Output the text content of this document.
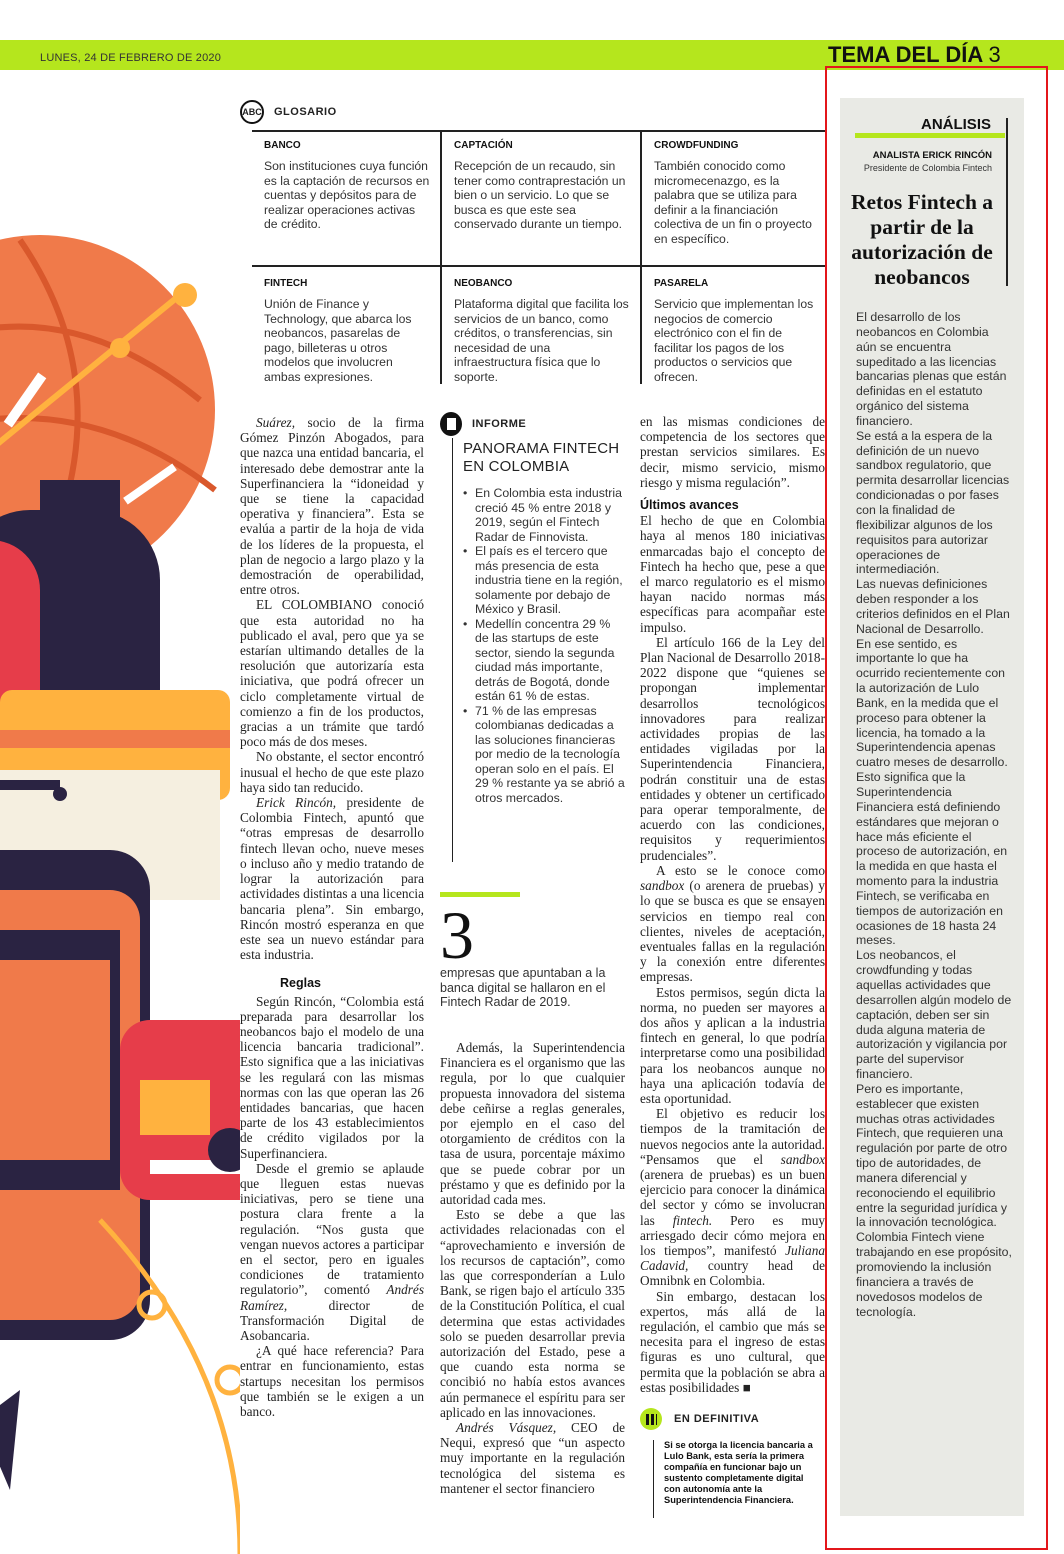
LUNES, 24 DE FEBRERO DE 2020	TEMA DEL DÍA 3
ABC GLOSARIO
BANCO

Son instituciones cuya función es la captación de recursos en cuentas y depósitos para de realizar operaciones activas de crédito.

CAPTACIÓN

Recepción de un recaudo, sin tener como contraprestación un bien o un servicio. Lo que se busca es que este sea conservado durante un tiempo.

CROWDFUNDING

También conocido como micromecenazgo, es la palabra que se utiliza para definir a la financiación colectiva de un fin o proyecto en específico.

FINTECH

Unión de Finance y Technology, que abarca los neobancos, pasarelas de pago, billeteras u otros modelos que involucren ambas expresiones.

NEOBANCO

Plataforma digital que facilita los servicios de un banco, como créditos, o transferencias, sin necesidad de una infraestructura física que lo soporte.

PASARELA

Servicio que implementan los negocios de comercio electrónico con el fin de facilitar los pagos de los productos o servicios que ofrecen.

Suárez, socio de la firma Gómez Pinzón Abogados, para que nazca una entidad bancaria, el interesado debe demostrar ante la Superfinanciera la “idoneidad y que se tiene la capacidad operativa y financiera”. Esta se evalúa a partir de la hoja de vida de los líderes de la propuesta, el plan de negocio a largo plazo y la demostración de operabilidad, entre otros.

EL COLOMBIANO conoció que esta autoridad no ha publicado el aval, pero que ya se estarían ultimando detalles de la resolución que autorizaría esta iniciativa, que podrá ofrecer un ciclo completamente virtual de comienzo a fin de los productos, gracias a un trámite que tardó poco más de dos meses.

No obstante, el sector encontró inusual el hecho de que este plazo haya sido tan reducido.

Erick Rincón, presidente de Colombia Fintech, apuntó que “otras empresas de desarrollo fintech llevan ocho, nueve meses o incluso año y medio tratando de lograr la autorización para actividades distintas a una licencia bancaria plena”. Sin embargo, Rincón mostró esperanza en que este sea un nuevo estándar para esta industria.

Reglas

Según Rincón, “Colombia está preparada para desarrollar los neobancos bajo el modelo de una licencia bancaria tradicional”. Esto significa que a las iniciativas se les regulará con las mismas normas con las que operan las 26 entidades bancarias, que hacen parte de los 43 establecimientos de crédito vigilados por la Superfinanciera.

Desde el gremio se aplaude que lleguen estas nuevas iniciativas, pero se tiene una postura clara frente a la regulación. “Nos gusta que vengan nuevos actores a participar en el sector, pero en iguales condiciones de tratamiento regulatorio”, comentó Andrés Ramírez, director de Transformación Digital de Asobancaria.

¿A qué hace referencia? Para entrar en funcionamiento, estas startups necesitan los permisos que también se le exigen a un banco.

INFORME
PANORAMA FINTECH EN COLOMBIA
• En Colombia esta industria creció 45 % entre 2018 y 2019, según el Fintech Radar de Finnovista.
• El país es el tercero que más presencia de esta industria tiene en la región, solamente por debajo de México y Brasil.
• Medellín concentra 29 % de las startups de este sector, siendo la segunda ciudad más importante, detrás de Bogotá, donde están 61 % de estas.
• 71 % de las empresas colombianas dedicadas a las soluciones financieras por medio de la tecnología operan solo en el país. El 29 % restante ya se abrió a otros mercados.
3
empresas que apuntaban a la banca digital se hallaron en el Fintech Radar de 2019.

Además, la Superintendencia Financiera es el organismo que las regula, por lo que cualquier propuesta innovadora del sistema debe ceñirse a reglas generales, por ejemplo en el caso del otorgamiento de créditos con la tasa de usura, porcentaje máximo que se puede cobrar por un préstamo y que es definido por la autoridad cada mes.

Esto se debe a que las actividades relacionadas con el “aprovechamiento e inversión de los recursos de captación”, como las que corresponderían a Lulo Bank, se rigen bajo el artículo 335 de la Constitución Política, el cual determina que estas actividades solo se pueden desarrollar previa autorización del Estado, pese a que cuando esta norma se concibió no había estos avances aún permanece el espíritu para ser aplicado en las innovaciones.

Andrés Vásquez, CEO de Nequi, expresó que “un aspecto muy importante en la regulación tecnológica del sistema es mantener el sector financiero

en las mismas condiciones de competencia de los sectores que prestan servicios similares. Es decir, mismo servicio, mismo riesgo y misma regulación”.

Últimos avances

El hecho de que en Colombia haya al menos 180 iniciativas enmarcadas bajo el concepto de Fintech ha hecho que, pese a que el marco regulatorio es el mismo hayan nacido normas más específicas para acompañar este impulso.

El artículo 166 de la Ley del Plan Nacional de Desarrollo 2018-2022 dispone que “quienes se propongan implementar desarrollos tecnológicos innovadores para realizar actividades propias de las entidades vigiladas por la Superintendencia Financiera, podrán constituir una de estas entidades y obtener un certificado para operar temporalmente, de acuerdo con las condiciones, requisitos y requerimientos prudenciales”.

A esto se le conoce como sandbox (o arenera de pruebas) y lo que se busca es que se ensayen servicios en tiempo real con clientes, niveles de aceptación, eventuales fallas en la regulación y la conexión entre diferentes empresas.

Estos permisos, según dicta la norma, no pueden ser mayores a dos años y aplican a la industria fintech en general, lo que podría interpretarse como una posibilidad para los neobancos aunque no haya una aplicación todavía de esta oportunidad.

El objetivo es reducir los tiempos de la tramitación de nuevos negocios ante la autoridad. “Pensamos que el sandbox (arenera de pruebas) es un buen ejercicio para conocer la dinámica del sector y cómo se involucran las fintech. Pero es muy arriesgado decir cómo mejora en los tiempos”, manifestó Juliana Cadavid, country head de Omnibnk en Colombia.

Sin embargo, destacan los expertos, más allá de la regulación, el cambio que más se necesita para el ingreso de estas figuras es uno cultural, que permita que la población se abra a estas posibilidades ■

EN DEFINITIVA
Si se otorga la licencia bancaria a Lulo Bank, esta sería la primera compañía en funcionar bajo un sustento completamente digital con autonomía ante la Superintendencia Financiera.
ANÁLISIS
ANALISTA ERICK RINCÓN
Presidente de Colombia Fintech
Retos Fintech a partir de la autorización de neobancos

El desarrollo de los neobancos en Colombia aún se encuentra supeditado a las licencias bancarias plenas que están definidas en el estatuto orgánico del sistema financiero.

Se está a la espera de la definición de un nuevo sandbox regulatorio, que permita desarrollar licencias condicionadas o por fases con la finalidad de flexibilizar algunos de los requisitos para autorizar operaciones de intermediación.

Las nuevas definiciones deben responder a los criterios definidos en el Plan Nacional de Desarrollo.

En ese sentido, es importante lo que ha ocurrido recientemente con la autorización de Lulo Bank, en la medida que el proceso para obtener la licencia, ha tomado a la Superintendencia apenas cuatro meses de desarrollo.

Esto significa que la Superintendencia Financiera está definiendo estándares que mejoran o hace más eficiente el proceso de autorización, en la medida en que hasta el momento para la industria Fintech, se verificaba en tiempos de autorización en ocasiones de 18 hasta 24 meses.

Los neobancos, el crowdfunding y todas aquellas actividades que desarrollen algún modelo de captación, deben ser sin duda alguna materia de autorización y vigilancia por parte del supervisor financiero.

Pero es importante, establecer que existen muchas otras actividades

Fintech, que requieren una regulación por parte de otro tipo de autoridades, de manera diferencial y reconociendo el equilibrio entre la seguridad jurídica y la innovación tecnológica.

Colombia Fintech viene trabajando en ese propósito, promoviendo la inclusión financiera a través de novedosos modelos de tecnología.
